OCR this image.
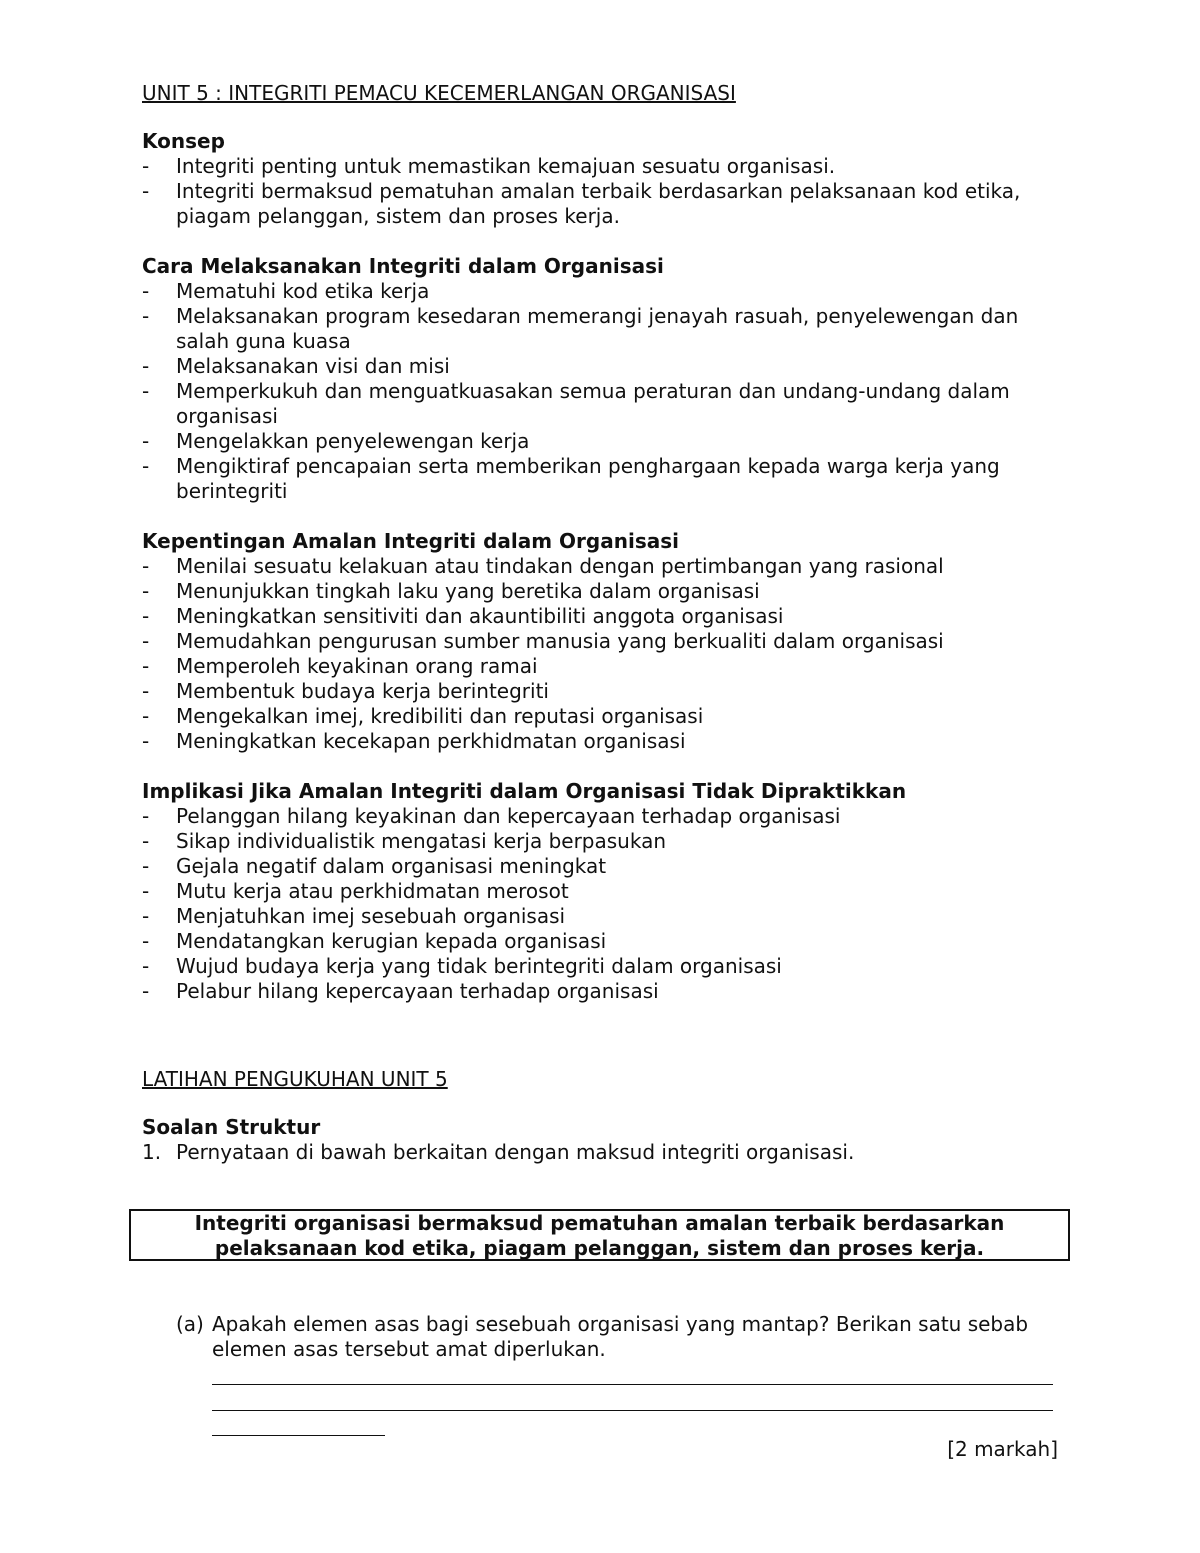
UNIT 5 : INTEGRITI PEMACU KECEMERLANGAN ORGANISASI
Konsep
- Integriti penting untuk memastikan kemajuan sesuatu organisasi.
- Integriti bermaksud pematuhan amalan terbaik berdasarkan pelaksanaan kod etika, piagam pelanggan, sistem dan proses kerja.
Cara Melaksanakan Integriti dalam Organisasi
- Mematuhi kod etika kerja
- Melaksanakan program kesedaran memerangi jenayah rasuah, penyelewengan dan salah guna kuasa
- Melaksanakan visi dan misi
- Memperkukuh dan menguatkuasakan semua peraturan dan undang-undang dalam organisasi
- Mengelakkan penyelewengan kerja
- Mengiktiraf pencapaian serta memberikan penghargaan kepada warga kerja yang berintegriti
Kepentingan Amalan Integriti dalam Organisasi
- Menilai sesuatu kelakuan atau tindakan dengan pertimbangan yang rasional
- Menunjukkan tingkah laku yang beretika dalam organisasi
- Meningkatkan sensitiviti dan akauntibiliti anggota organisasi
- Memudahkan pengurusan sumber manusia yang berkualiti dalam organisasi
- Memperoleh keyakinan orang ramai
- Membentuk budaya kerja berintegriti
- Mengekalkan imej, kredibiliti dan reputasi organisasi
- Meningkatkan kecekapan perkhidmatan organisasi
Implikasi Jika Amalan Integriti dalam Organisasi Tidak Dipraktikkan
- Pelanggan hilang keyakinan dan kepercayaan terhadap organisasi
- Sikap individualistik mengatasi kerja berpasukan
- Gejala negatif dalam organisasi meningkat
- Mutu kerja atau perkhidmatan merosot
- Menjatuhkan imej sesebuah organisasi
- Mendatangkan kerugian kepada organisasi
- Wujud budaya kerja yang tidak berintegriti dalam organisasi
- Pelabur hilang kepercayaan terhadap organisasi
LATIHAN PENGUKUHAN UNIT 5
Soalan Struktur
1. Pernyataan di bawah berkaitan dengan maksud integriti organisasi.
Integriti organisasi bermaksud pematuhan amalan terbaik berdasarkan
pelaksanaan kod etika, piagam pelanggan, sistem dan proses kerja.
(a) Apakah elemen asas bagi sesebuah organisasi yang mantap? Berikan satu sebab elemen asas tersebut amat diperlukan.
[2 markah]
